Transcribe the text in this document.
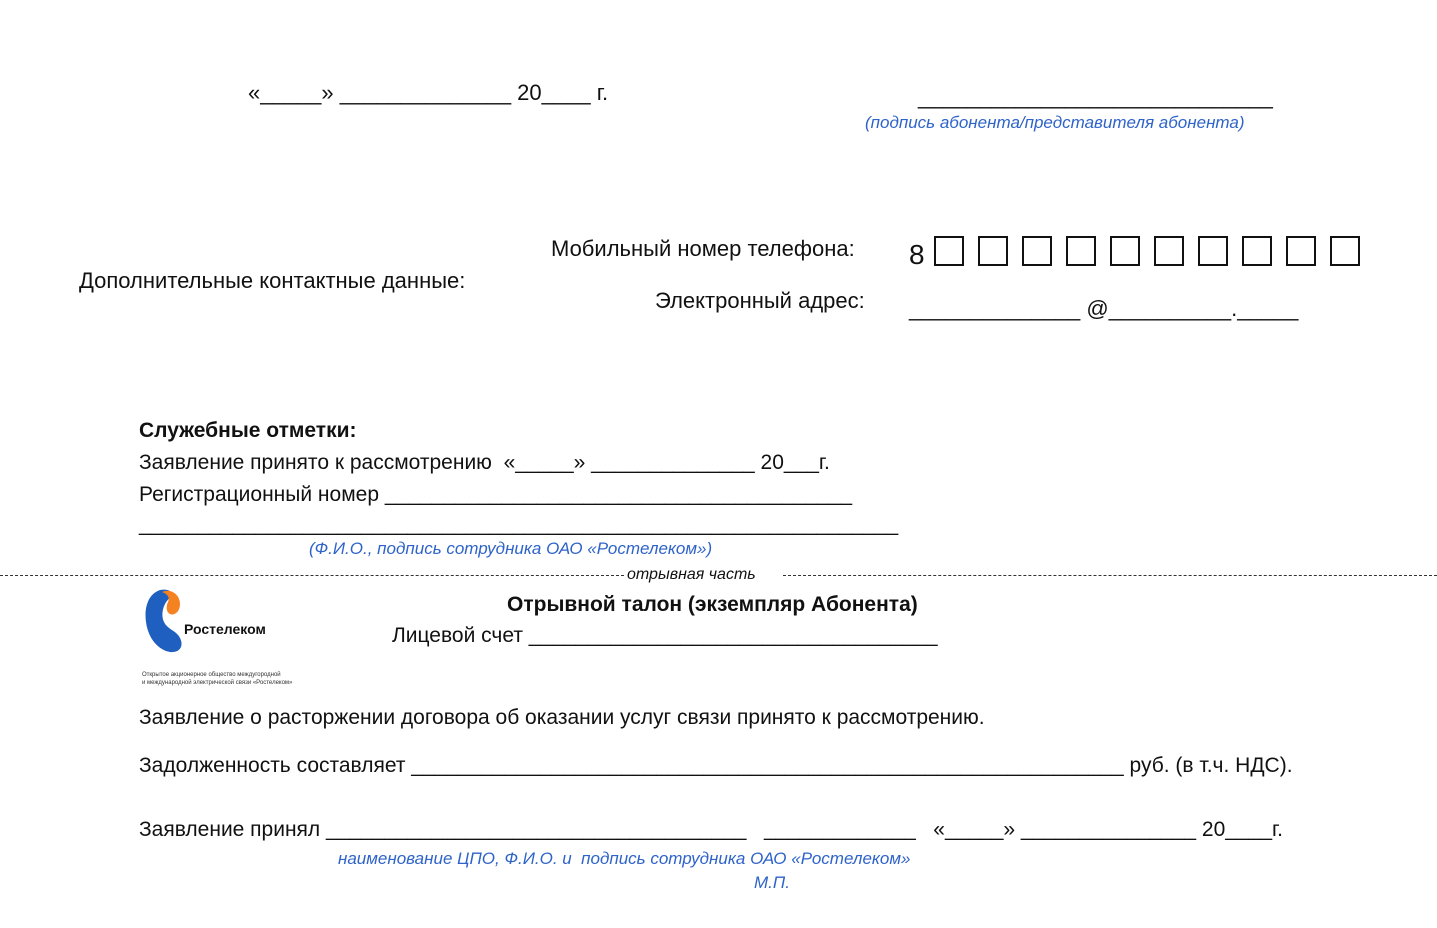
«_____» ______________ 20____ г.	_____________________________
(подпись абонента/представителя абонента)
Дополнительные контактные данные:
Мобильный номер телефона: 8
Электронный адрес: ______________ @__________._____
Служебные отметки:
Заявление принято к рассмотрению  «_____» ______________ 20___г.
Регистрационный номер ________________________________________
_________________________________________________________________
(Ф.И.О., подпись сотрудника ОАО «Ростелеком»)
отрывная часть
Ростелеком
Открытое акционерное общество междугородной
и международной электрической связи «Ростелеком»
Отрывной талон (экземпляр Абонента)
Лицевой счет ___________________________________
Заявление о расторжении договора об оказании услуг связи принято к рассмотрению.
Задолженность составляет _____________________________________________________________ руб. (в т.ч. НДС).
Заявление принял ____________________________________   _____________   «_____» _______________ 20____г.
наименование ЦПО, Ф.И.О. и  подпись сотрудника ОАО «Ростелеком»
М.П.
